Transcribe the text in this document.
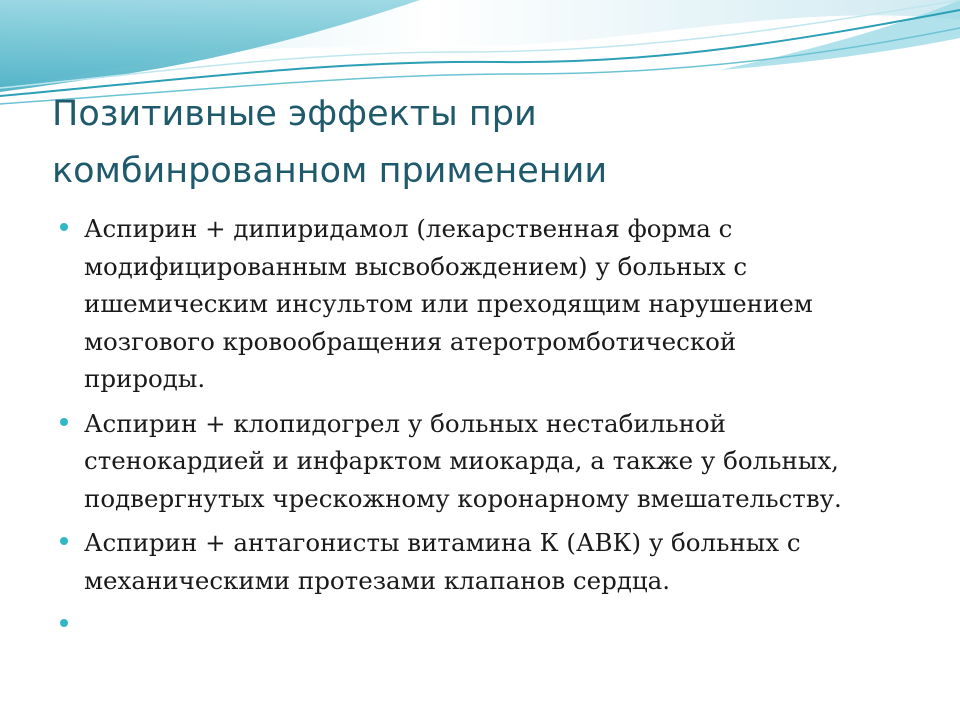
Позитивные эффекты при
комбинрованном применении
Аспирин + дипиридамол (лекарственная форма с
модифицированным высвобождением) у больных с
ишемическим инсультом или преходящим нарушением
мозгового кровообращения атеротромботической
природы.
Аспирин + клопидогрел у больных нестабильной
стенокардией и инфарктом миокарда, а также у больных,
подвергнутых чрескожному коронарному вмешательству.
Аспирин + антагонисты витамина К (АВК) у больных с
механическими протезами клапанов сердца.
